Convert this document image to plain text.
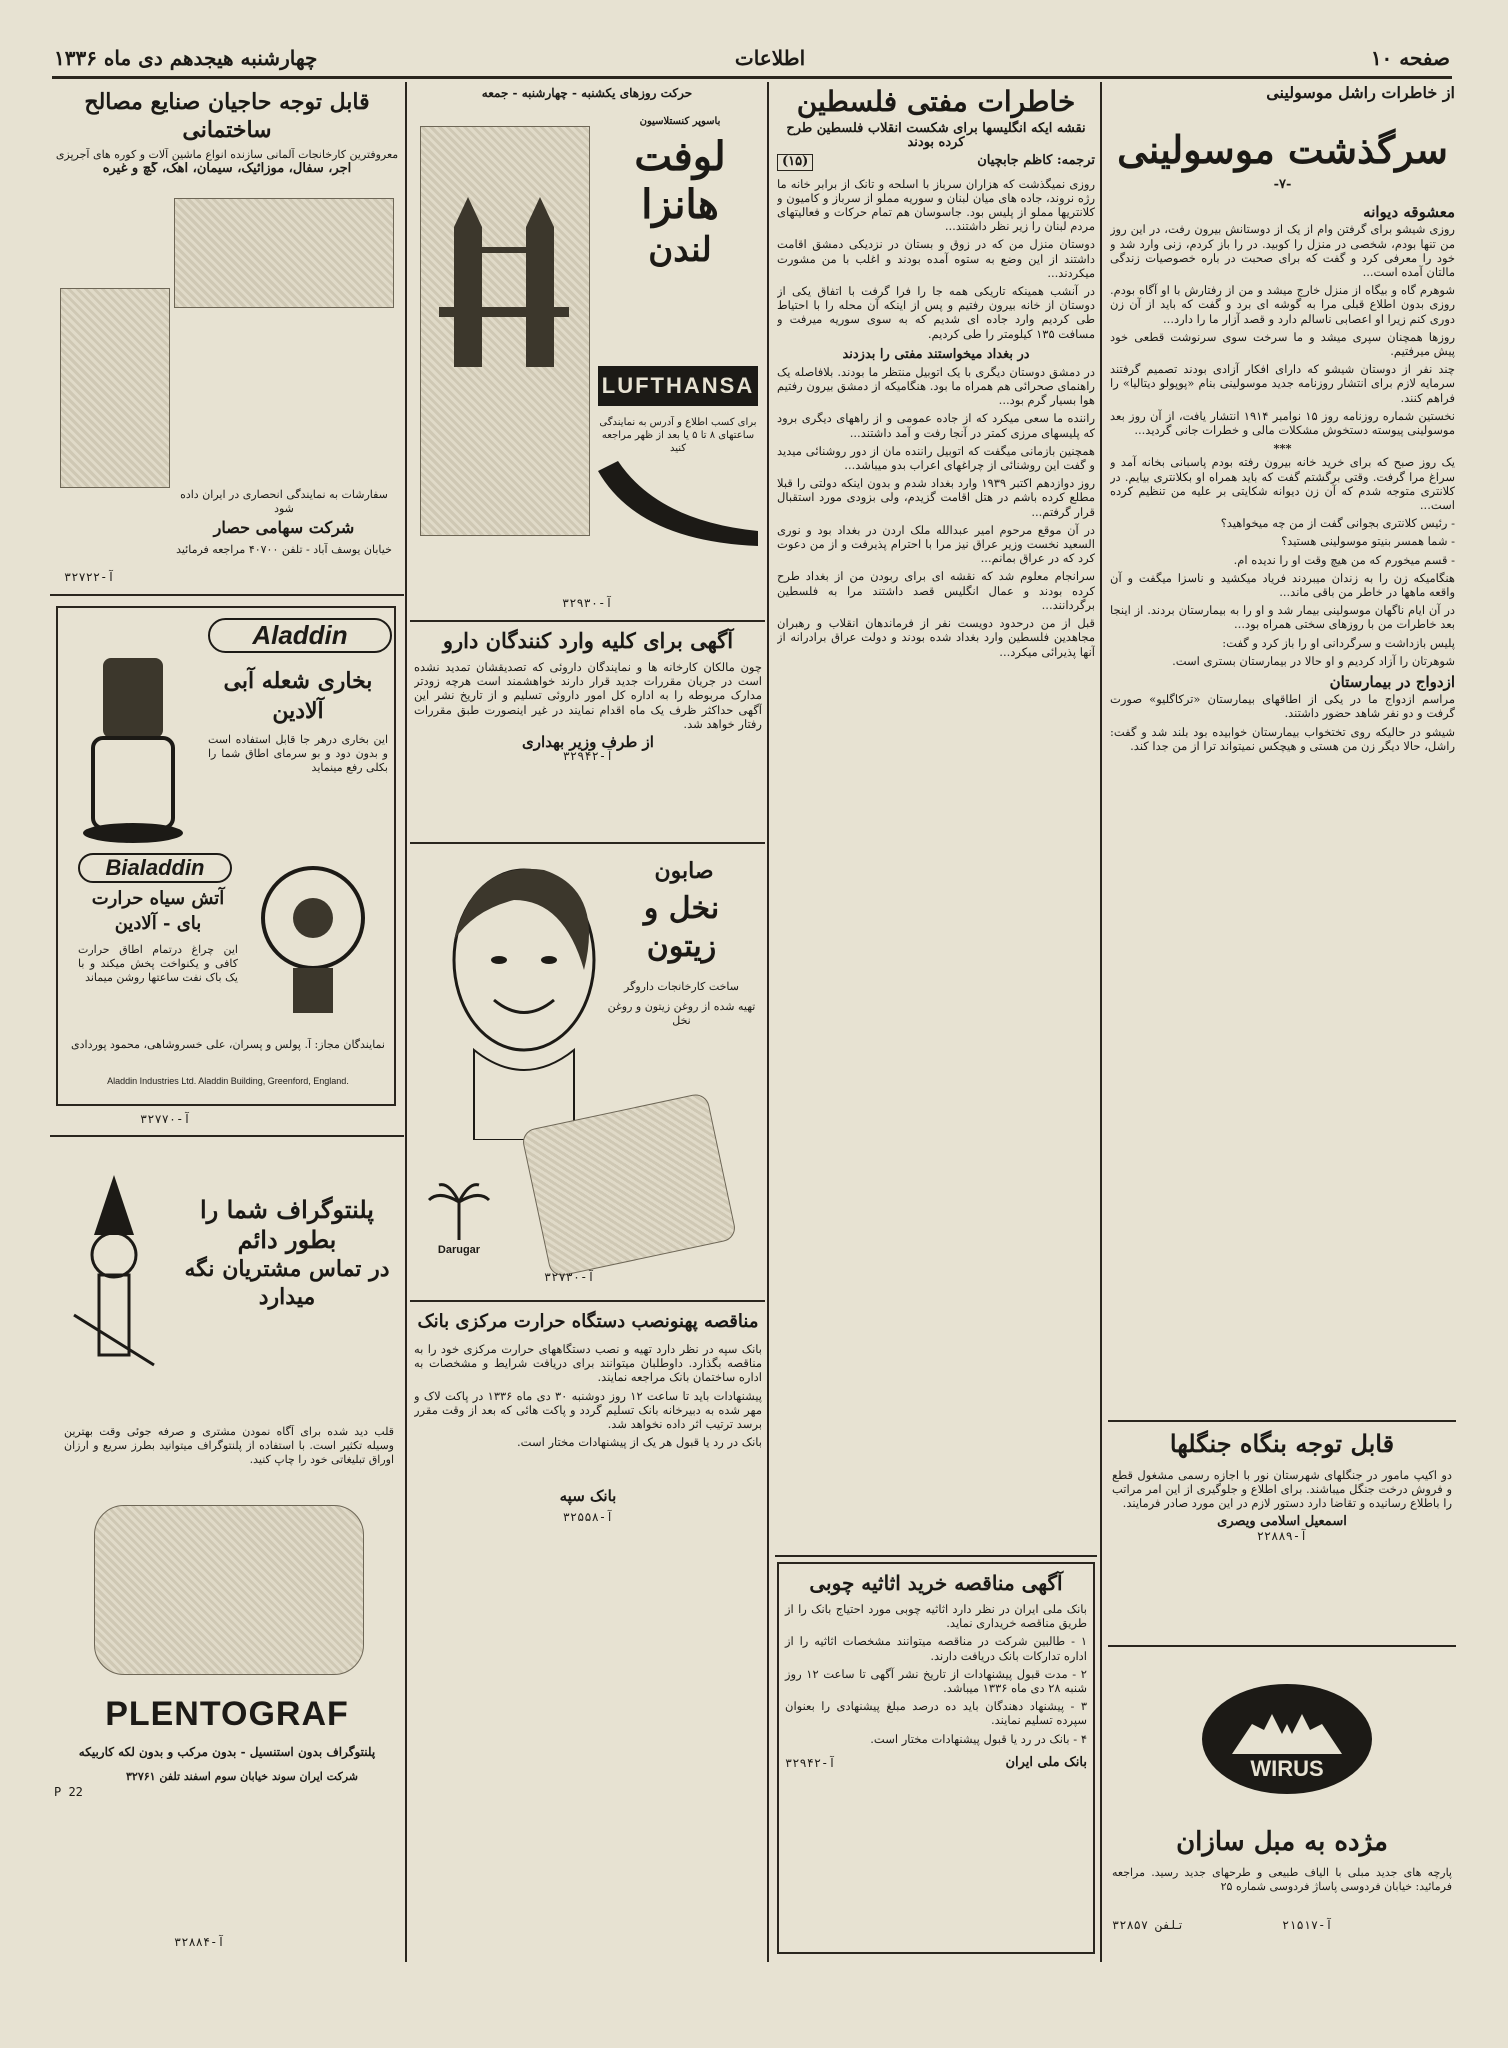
صفحه ۱۰
اطلاعات
چهارشنبه هیجدهم دی ماه ۱۳۳۶
از خاطرات راشل موسولینی
سرگذشت موسولینی
-۷-
معشوقه دیوانه

روزی شیشو برای گرفتن وام از یک از دوستانش بیرون رفت، در این روز من تنها بودم، شخصی در منزل را کوبید. در را باز کردم، زنی وارد شد و خود را معرفی کرد و گفت که برای صحبت در باره خصوصیات زندگی مالتان آمده است...

شوهرم گاه و بیگاه از منزل خارج میشد و من از رفتارش با او آگاه بودم. روزی بدون اطلاع قبلی مرا به گوشه ای برد و گفت که باید از آن زن دوری کنم زیرا او اعصابی ناسالم دارد و قصد آزار ما را دارد...

روزها همچنان سپری میشد و ما سرخت سوی سرنوشت قطعی خود پیش میرفتیم.

چند نفر از دوستان شیشو که دارای افکار آزادی بودند تصمیم گرفتند سرمایه لازم برای انتشار روزنامه جدید موسولینی بنام «پوپولو دیتالیا» را فراهم کنند.

نخستین شماره روزنامه روز ۱۵ نوامبر ۱۹۱۴ انتشار یافت، از آن روز بعد موسولینی پیوسته دستخوش مشکلات مالی و خطرات جانی گردید...

***

یک روز صبح که برای خرید خانه بیرون رفته بودم پاسبانی بخانه آمد و سراغ مرا گرفت. وقتی برگشتم گفت که باید همراه او بکلانتری بیایم. در کلانتری متوجه شدم که آن زن دیوانه شکایتی بر علیه من تنظیم کرده است...

- رئیس کلانتری بجوانی گفت از من چه میخواهید؟

- شما همسر بنیتو موسولینی هستید؟

- قسم میخورم که من هیچ وقت او را ندیده ام.

هنگامیکه زن را به زندان میبردند فریاد میکشید و ناسزا میگفت و آن واقعه ماهها در خاطر من باقی ماند...

در آن ایام ناگهان موسولینی بیمار شد و او را به بیمارستان بردند. از اینجا بعد خاطرات من با روزهای سختی همراه بود...

پلیس بازداشت و سرگردانی او را باز کرد و گفت:

شوهرتان را آزاد کردیم و او حالا در بیمارستان بستری است.

ازدواج در بیمارستان

مراسم ازدواج ما در یکی از اطاقهای بیمارستان «ترکاگلیو» صورت گرفت و دو نفر شاهد حضور داشتند.

شیشو در حالیکه روی تختخواب بیمارستان خوابیده بود بلند شد و گفت: راشل، حالا دیگر زن من هستی و هیچکس نمیتواند ترا از من جدا کند.

قابل توجه بنگاه جنگلها

دو اکیپ مامور در جنگلهای شهرستان نور با اجازه رسمی مشغول قطع و فروش درخت جنگل میباشند. برای اطلاع و جلوگیری از این امر مراتب را باطلاع رسانیده و تقاضا دارد دستور لازم در این مورد صادر فرمایند.

اسمعیل اسلامی ویصری
آ-۲۲۸۸۹
WIRUS
مژده به مبل سازان
پارچه های جدید مبلی با الیاف طبیعی و طرحهای جدید رسید. مراجعه فرمائید: خیابان فردوسی پاساژ فردوسی شماره ۲۵
تلفن ۳۲۸۵۷	آ-۲۱۵۱۷
خاطرات مفتی فلسطین
نقشه ایکه انگلیسها برای شکست انقلاب فلسطین طرح کرده بودند
ترجمه: کاظم جابچیان
(۱۵)

روزی نمیگذشت که هزاران سرباز با اسلحه و تانک از برابر خانه ما رژه نروند، جاده های میان لبنان و سوریه مملو از سرباز و کامیون و کلانتریها مملو از پلیس بود. جاسوسان هم تمام حرکات و فعالیتهای مردم لبنان را زیر نظر داشتند...

دوستان منزل من که در زوق و بستان در نزدیکی دمشق اقامت داشتند از این وضع به ستوه آمده بودند و اغلب با من مشورت میکردند...

در آنشب همینکه تاریکی همه جا را فرا گرفت با اتفاق یکی از دوستان از خانه بیرون رفتیم و پس از اینکه آن محله را با احتیاط طی کردیم وارد جاده ای شدیم که به سوی سوریه میرفت و مسافت ۱۳۵ کیلومتر را طی کردیم.

در بغداد میخواستند مفتی را بدزدند

در دمشق دوستان دیگری با یک اتوبیل منتظر ما بودند. بلافاصله یک راهنمای صحرائی هم همراه ما بود. هنگامیکه از دمشق بیرون رفتیم هوا بسیار گرم بود...

راننده ما سعی میکرد که از جاده عمومی و از راههای دیگری برود که پلیسهای مرزی کمتر در آنجا رفت و آمد داشتند...

همچنین بازمانی میگفت که اتوبیل راننده مان از دور روشنائی میدید و گفت این روشنائی از چراغهای اعراب بدو میباشد...

روز دوازدهم اکتبر ۱۹۳۹ وارد بغداد شدم و بدون اینکه دولتی را قبلا مطلع کرده باشم در هتل اقامت گزیدم، ولی بزودی مورد استقبال قرار گرفتم...

در آن موقع مرحوم امیر عبدالله ملک اردن در بغداد بود و نوری السعید نخست وزیر عراق نیز مرا با احترام پذیرفت و از من دعوت کرد که در عراق بمانم...

سرانجام معلوم شد که نقشه ای برای ربودن من از بغداد طرح کرده بودند و عمال انگلیس قصد داشتند مرا به فلسطین برگردانند...

قبل از من درحدود دویست نفر از فرماندهان انقلاب و رهبران مجاهدین فلسطین وارد بغداد شده بودند و دولت عراق برادرانه از آنها پذیرائی میکرد...

آگهی مناقصه خرید اثاثیه چوبی

بانک ملی ایران در نظر دارد اثاثیه چوبی مورد احتیاج بانک را از طریق مناقصه خریداری نماید.

۱ - طالبین شرکت در مناقصه میتوانند مشخصات اثاثیه را از اداره تدارکات بانک دریافت دارند.

۲ - مدت قبول پیشنهادات از تاریخ نشر آگهی تا ساعت ۱۲ روز شنبه ۲۸ دی ماه ۱۳۳۶ میباشد.

۳ - پیشنهاد دهندگان باید ده درصد مبلغ پیشنهادی را بعنوان سپرده تسلیم نمایند.

۴ - بانک در رد یا قبول پیشنهادات مختار است.

بانک ملی ایران
آ-۳۲۹۴۲
حرکت روزهای یکشنبه - چهارشنبه - جمعه
باسوپر کنستلاسیون
لوفت هانزا
لندن
LUFTHANSA
برای کسب اطلاع و آدرس به نمایندگی ساعتهای ۸ تا ۵ یا بعد از ظهر مراجعه کنید
آ-۳۲۹۳۰
آگهی برای کلیه وارد کنندگان دارو

چون مالکان کارخانه ها و نمایندگان داروئی که تصدیقشان تمدید نشده است در جریان مقررات جدید قرار دارند خواهشمند است هرچه زودتر مدارک مربوطه را به اداره کل امور داروئی تسلیم و از تاریخ نشر این آگهی حداکثر ظرف یک ماه اقدام نمایند در غیر اینصورت طبق مقررات رفتار خواهد شد.

از طرف وزیر بهداری
آ-۳۲۹۴۲
صابون
نخل و زیتون
ساخت کارخانجات داروگر
تهیه شده از روغن زیتون و روغن نخل
Darugar
آ-۳۲۷۳۰
مناقصه پهنونصب دستگاه حرارت مرکزی بانک

بانک سپه در نظر دارد تهیه و نصب دستگاههای حرارت مرکزی خود را به مناقصه بگذارد. داوطلبان میتوانند برای دریافت شرایط و مشخصات به اداره ساختمان بانک مراجعه نمایند.

پیشنهادات باید تا ساعت ۱۲ روز دوشنبه ۳۰ دی ماه ۱۳۳۶ در پاکت لاک و مهر شده به دبیرخانه بانک تسلیم گردد و پاکت هائی که بعد از وقت مقرر برسد ترتیب اثر داده نخواهد شد.

بانک در رد یا قبول هر یک از پیشنهادات مختار است.

بانک سپه
آ-۳۲۵۵۸
قابل توجه حاجیان صنایع مصالح ساختمانی
معروفترین کارخانجات آلمانی سازنده انواع ماشین آلات و کوره های آجرپزی
آجر، سفال، موزائیک، سیمان، آهک، گچ و غیره
سفارشات به نمایندگی انحصاری در ایران داده شود
شرکت سهامی حصار
خیابان یوسف آباد - تلفن ۴۰۷۰۰ مراجعه فرمائید
آ-۳۲۷۲۲
Aladdin
بخاری شعله آبی
آلادین
این بخاری درهر جا قابل استفاده است و بدون دود و بو سرمای اطاق شما را بکلی رفع مینماید
Bialaddin
آتش سیاه حرارت
بای - آلادین
این چراغ درتمام اطاق حرارت کافی و یکنواخت پخش میکند و با یک باک نفت ساعتها روشن میماند
نمایندگان مجاز: آ. پولس و پسران، علی خسروشاهی، محمود پوردادی
Aladdin Industries Ltd. Aladdin Building, Greenford, England.
آ-۳۲۷۷۰
پلنتوگراف شما را بطور دائم
در تماس مشتریان نگه میدارد
قلب دید شده برای آگاه نمودن مشتری و صرفه جوئی وقت بهترین وسیله تکثیر است. با استفاده از پلنتوگراف میتوانید بطرز سریع و ارزان اوراق تبلیغاتی خود را چاپ کنید.
PLENTOGRAF
پلنتوگراف بدون استنسیل - بدون مرکب و بدون لکه کاربیکه
شرکت ایران سوند خیابان سوم اسفند تلفن ۳۲۷۶۱
P 22
آ-۳۲۸۸۴
